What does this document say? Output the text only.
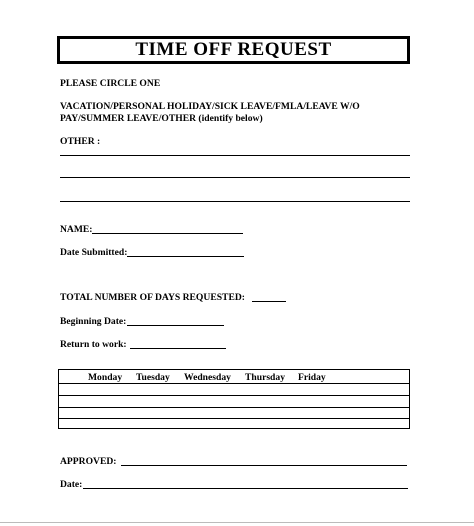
TIME OFF REQUEST
PLEASE CIRCLE ONE
VACATION/PERSONAL HOLIDAY/SICK LEAVE/FMLA/LEAVE W/O
PAY/SUMMER LEAVE/OTHER (identify below)
OTHER :
NAME:
Date Submitted:
TOTAL NUMBER OF DAYS REQUESTED:
Beginning Date:
Return to work:
Monday	Tuesday	Wednesday	Thursday	Friday
APPROVED:
Date:
